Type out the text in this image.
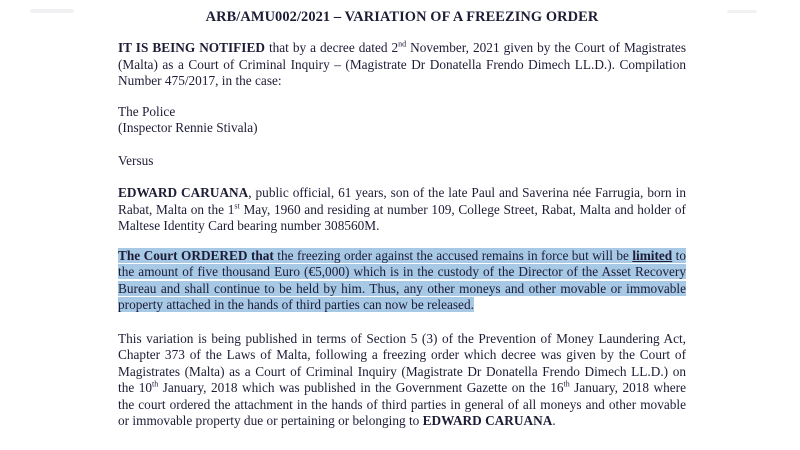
ARB/AMU002/2021 – VARIATION OF A FREEZING ORDER

IT IS BEING NOTIFIED that by a decree dated 2nd November, 2021 given by the Court of Magistrates (Malta) as a Court of Criminal Inquiry – (Magistrate Dr Donatella Frendo Dimech LL.D.). Compilation Number 475/2017, in the case:

The Police
(Inspector Rennie Stivala)

Versus

EDWARD CARUANA, public official, 61 years, son of the late Paul and Saverina née Farrugia, born in Rabat, Malta on the 1st May, 1960 and residing at number 109, College Street, Rabat, Malta and holder of Maltese Identity Card bearing number 308560M.

The Court ORDERED that the freezing order against the accused remains in force but will be limited to the amount of five thousand Euro (€5,000) which is in the custody of the Director of the Asset Recovery Bureau and shall continue to be held by him. Thus, any other moneys and other movable or immovable property attached in the hands of third parties can now be released.

This variation is being published in terms of Section 5 (3) of the Prevention of Money Laundering Act, Chapter 373 of the Laws of Malta, following a freezing order which decree was given by the Court of Magistrates (Malta) as a Court of Criminal Inquiry (Magistrate Dr Donatella Frendo Dimech LL.D.) on the 10th January, 2018 which was published in the Government Gazette on the 16th January, 2018 where the court ordered the attachment in the hands of third parties in general of all moneys and other movable or immovable property due or pertaining or belonging to EDWARD CARUANA.
